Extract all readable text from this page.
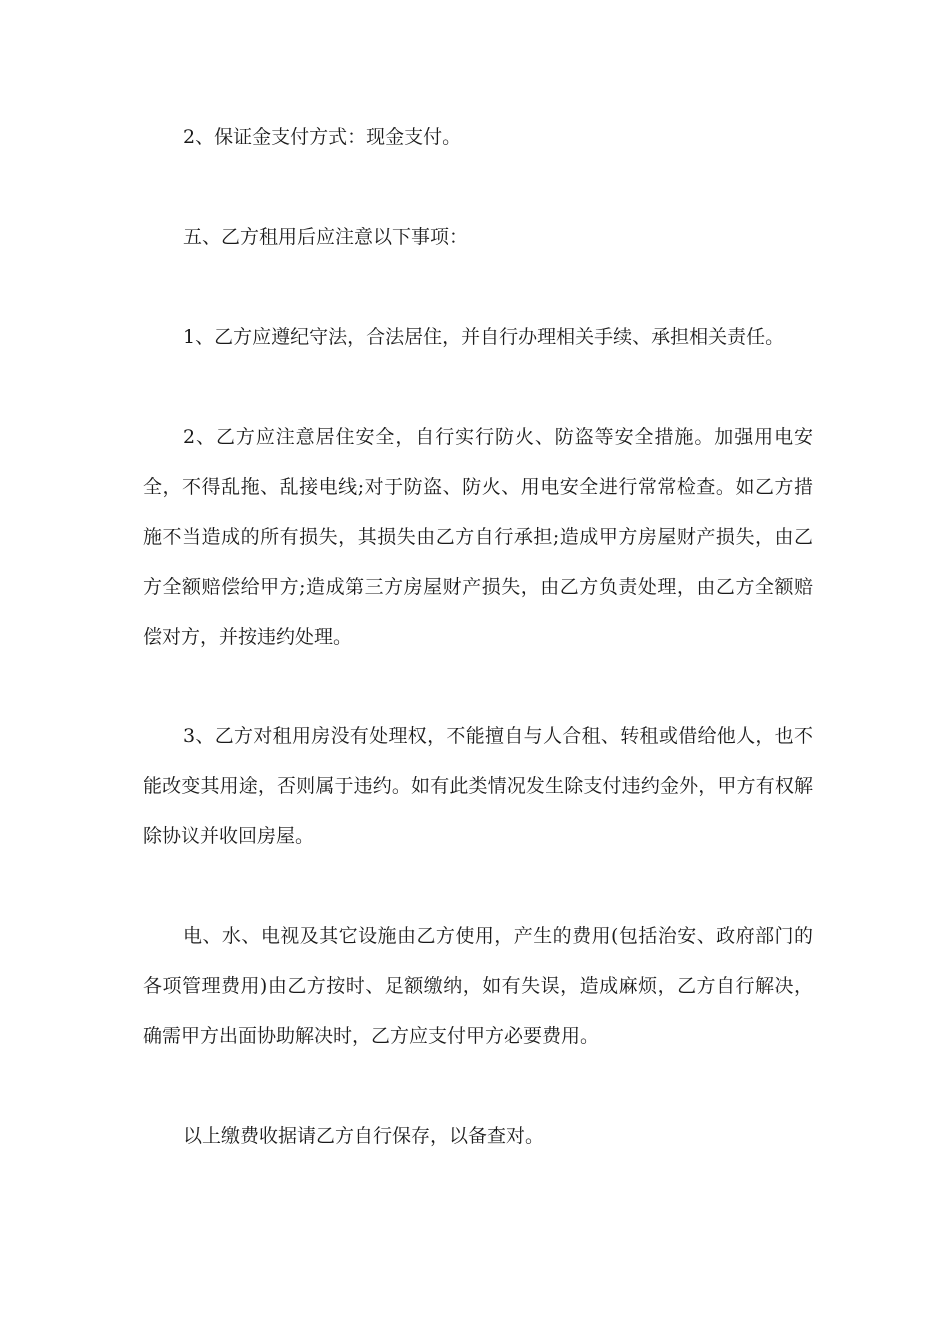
2、保证金支付方式：现金支付。

五、乙方租用后应注意以下事项：

1、乙方应遵纪守法，合法居住，并自行办理相关手续、承担相关责任。

2、乙方应注意居住安全，自行实行防火、防盗等安全措施。加强用电安全，不得乱拖、乱接电线;对于防盗、防火、用电安全进行常常检查。如乙方措施不当造成的所有损失，其损失由乙方自行承担;造成甲方房屋财产损失，由乙方全额赔偿给甲方;造成第三方房屋财产损失，由乙方负责处理，由乙方全额赔偿对方，并按违约处理。

3、乙方对租用房没有处理权，不能擅自与人合租、转租或借给他人，也不能改变其用途，否则属于违约。如有此类情况发生除支付违约金外，甲方有权解除协议并收回房屋。

电、水、电视及其它设施由乙方使用，产生的费用(包括治安、政府部门的各项管理费用)由乙方按时、足额缴纳，如有失误，造成麻烦，乙方自行解决，确需甲方出面协助解决时，乙方应支付甲方必要费用。

以上缴费收据请乙方自行保存，以备查对。
